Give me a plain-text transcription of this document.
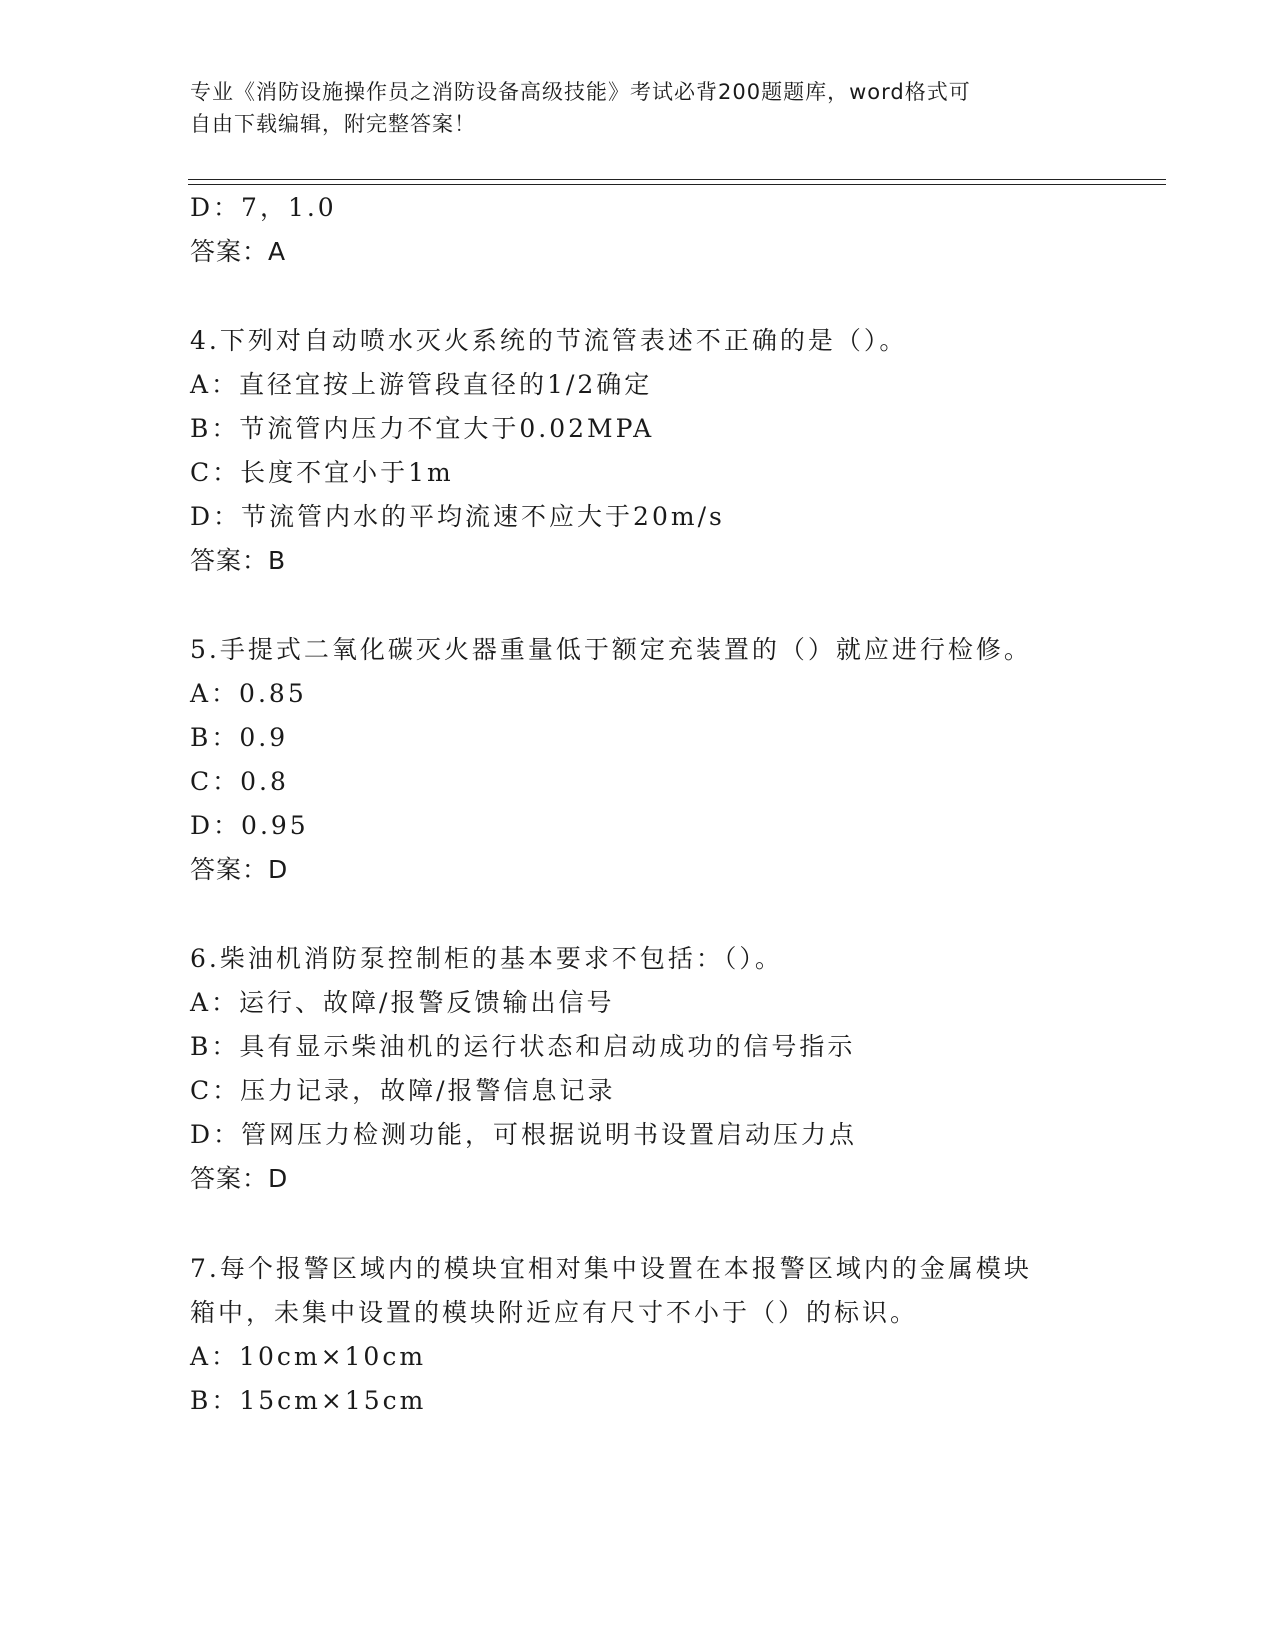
专业《消防设施操作员之消防设备高级技能》考试必背200题题库，word格式可
自由下载编辑，附完整答案！
D：7，1.0
答案：A
4.下列对自动喷水灭火系统的节流管表述不正确的是（）。
A：直径宜按上游管段直径的1/2确定
B：节流管内压力不宜大于0.02MPA
C：长度不宜小于1m
D：节流管内水的平均流速不应大于20m/s
答案：B
5.手提式二氧化碳灭火器重量低于额定充装置的（）就应进行检修。
A：0.85
B：0.9
C：0.8
D：0.95
答案：D
6.柴油机消防泵控制柜的基本要求不包括：（）。
A：运行、故障/报警反馈输出信号
B：具有显示柴油机的运行状态和启动成功的信号指示
C：压力记录，故障/报警信息记录
D：管网压力检测功能，可根据说明书设置启动压力点
答案：D
7.每个报警区域内的模块宜相对集中设置在本报警区域内的金属模块
箱中，未集中设置的模块附近应有尺寸不小于（）的标识。
A：10cm×10cm
B：15cm×15cm
